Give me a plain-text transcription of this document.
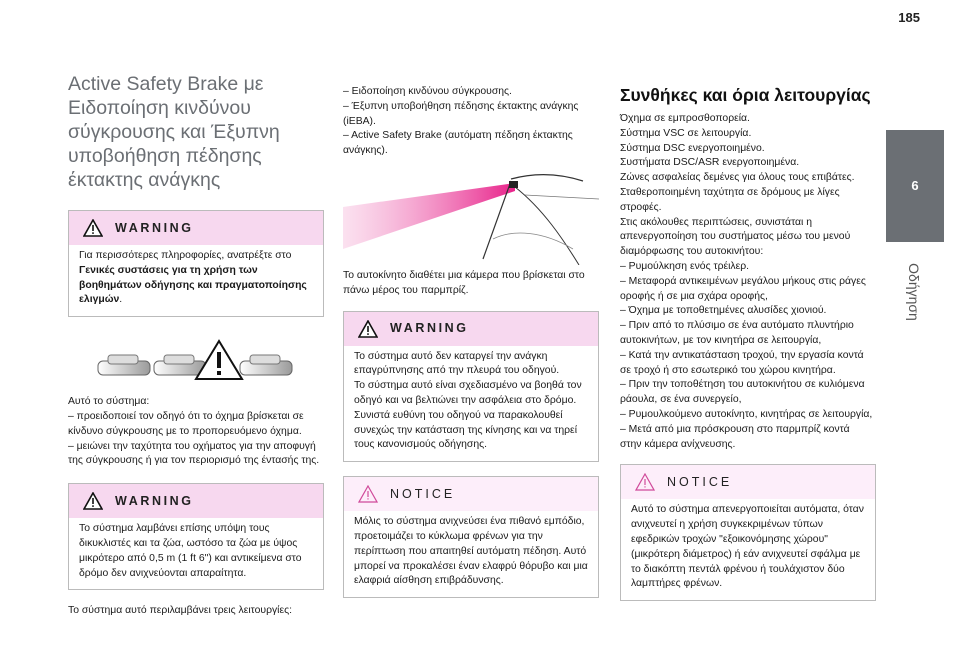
185
6
Οδήγηση
Active Safety Brake με
Ειδοποίηση κινδύνου
σύγκρουσης και Έξυπνη
υποβοήθηση πέδησης
έκτακτης ανάγκης
WARNING

Για περισσότερες πληροφορίες, ανατρέξτε στο

Γενικές συστάσεις για τη χρήση των

βοηθημάτων οδήγησης και πραγματοποίησης

ελιγμών.

Αυτό το σύστημα:

– προειδοποιεί τον οδηγό ότι το όχημα βρίσκεται σε

κίνδυνο σύγκρουσης με το προπορευόμενο όχημα.

– μειώνει την ταχύτητα του οχήματος για την αποφυγή

της σύγκρουσης ή για τον περιορισμό της έντασής της.

WARNING

Το σύστημα λαμβάνει επίσης υπόψη τους

δικυκλιστές και τα ζώα, ωστόσο τα ζώα με ύψος

μικρότερο από 0,5 m (1 ft 6") και αντικείμενα στο

δρόμο δεν ανιχνεύονται απαραίτητα.

Το σύστημα αυτό περιλαμβάνει τρεις λειτουργίες:

– Ειδοποίηση κινδύνου σύγκρουσης.

– Έξυπνη υποβοήθηση πέδησης έκτακτης ανάγκης

(iEBA).

– Active Safety Brake (αυτόματη πέδηση έκτακτης

ανάγκης).

Το αυτοκίνητο διαθέτει μια κάμερα που βρίσκεται στο

πάνω μέρος του παρμπρίζ.

WARNING

Το σύστημα αυτό δεν καταργεί την ανάγκη

επαγρύπνησης από την πλευρά του οδηγού.

Το σύστημα αυτό είναι σχεδιασμένο να βοηθά τον

οδηγό και να βελτιώνει την ασφάλεια στο δρόμο.

Συνιστά ευθύνη του οδηγού να παρακολουθεί

συνεχώς την κατάσταση της κίνησης και να τηρεί

τους κανονισμούς οδήγησης.

NOTICE

Μόλις το σύστημα ανιχνεύσει ένα πιθανό εμπόδιο,

προετοιμάζει το κύκλωμα φρένων για την

περίπτωση που απαιτηθεί αυτόματη πέδηση. Αυτό

μπορεί να προκαλέσει έναν ελαφρύ θόρυβο και μια

ελαφριά αίσθηση επιβράδυνσης.

Συνθήκες και όρια λειτουργίας

Όχημα σε εμπροσθοπορεία.

Σύστημα VSC σε λειτουργία.

Σύστημα DSC ενεργοποιημένο.

Συστήματα DSC/ASR ενεργοποιημένα.

Ζώνες ασφαλείας δεμένες για όλους τους επιβάτες.

Σταθεροποιημένη ταχύτητα σε δρόμους με λίγες

στροφές.

Στις ακόλουθες περιπτώσεις, συνιστάται η

απενεργοποίηση του συστήματος μέσω του μενού

διαμόρφωσης του αυτοκινήτου:

– Ρυμούλκηση ενός τρέιλερ.

– Μεταφορά αντικειμένων μεγάλου μήκους στις ράγες

οροφής ή σε μια σχάρα οροφής,

– Όχημα με τοποθετημένες αλυσίδες χιονιού.

– Πριν από το πλύσιμο σε ένα αυτόματο πλυντήριο

αυτοκινήτων, με τον κινητήρα σε λειτουργία,

– Κατά την αντικατάσταση τροχού, την εργασία κοντά

σε τροχό ή στο εσωτερικό του χώρου κινητήρα.

– Πριν την τοποθέτηση του αυτοκινήτου σε κυλιόμενα

ράουλα, σε ένα συνεργείο,

– Ρυμουλκούμενο αυτοκίνητο, κινητήρας σε λειτουργία,

– Μετά από μια πρόσκρουση στο παρμπρίζ κοντά

στην κάμερα ανίχνευσης.

NOTICE

Αυτό το σύστημα απενεργοποιείται αυτόματα, όταν

ανιχνευτεί η χρήση συγκεκριμένων τύπων

εφεδρικών τροχών "εξοικονόμησης χώρου"

(μικρότερη διάμετρος) ή εάν ανιχνευτεί σφάλμα με

το διακόπτη πεντάλ φρένου ή τουλάχιστον δύο

λαμπτήρες φρένων.
